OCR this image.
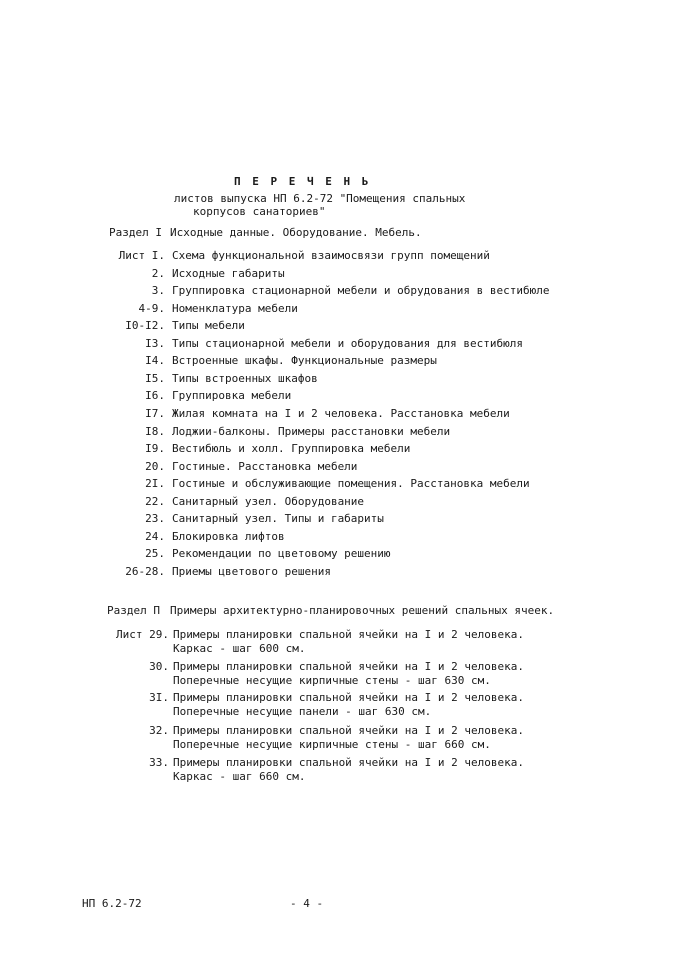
П Е Р Е Ч Е Н Ь
листов выпуска НП 6.2-72 "Помещения спальных
корпусов санаториев"
Раздел I Исходные данные. Оборудование. Мебель.
Лист I. Схема функциональной взаимосвязи групп помещений
2. Исходные габариты
3. Группировка стационарной мебели и обрудования в вестибюле
4-9. Номенклатура мебели
I0-I2. Типы мебели
I3. Типы стационарной мебели и оборудования для вестибюля
I4. Встроенные шкафы. Функциональные размеры
I5. Типы встроенных шкафов
I6. Группировка мебели
I7. Жилая комната на I и 2 человека. Расстановка мебели
I8. Лоджии-балконы. Примеры расстановки мебели
I9. Вестибюль и холл. Группировка мебели
20. Гостиные. Расстановка мебели
2I. Гостиные и обслуживающие помещения. Расстановка мебели
22. Санитарный узел. Оборудование
23. Санитарный узел. Типы и габариты
24. Блокировка лифтов
25. Рекомендации по цветовому решению
26-28. Приемы цветового решения
Раздел П Примеры архитектурно-планировочных решений спальных ячеек.
Лист 29. Примеры планировки спальной ячейки на I и 2 человека.
Каркас - шаг 600 см.
30. Примеры планировки спальной ячейки на I и 2 человека.
Поперечные несущие кирпичные стены - шаг 630 см.
3I. Примеры планировки спальной ячейки на I и 2 человека.
Поперечные несущие панели - шаг 630 см.
32. Примеры планировки спальной ячейки на I и 2 человека.
Поперечные несущие кирпичные стены - шаг 660 см.
33. Примеры планировки спальной ячейки на I и 2 человека.
Каркас - шаг 660 см.
НП 6.2-72	- 4 -
